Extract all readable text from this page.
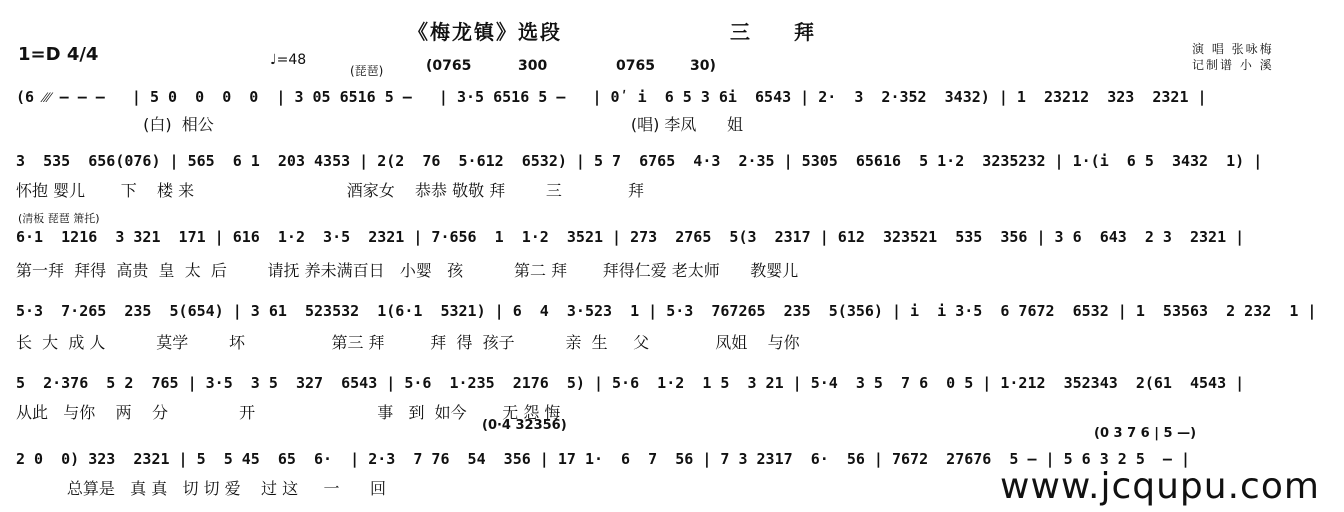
《梅龙镇》选段	三拜
1=D 4/4	♩=48
演 唱 张咏梅
记制谱 小 溪
(琵琶)	(0765	300	0765	30)
(6 ⁄⁄⁄ — — —   | 5 0  0  0  0  | 3 05 6516 5 —   | 3·5 6516 5 —   | 0ʹ i  6 5 3 6i  6543 | 2·  3  2·352  3432) | 1  23212  323  2321 |
(白)  相公                                                                                  (唱) 李凤      姐
3  535  656(076) | 565  6 1  203 4353 | 2(2  76  5·612  6532) | 5 7  6765  4·3  2·35 | 5305  65616  5 1·2  3235232 | 1·(i  6 5  3432  1) |
怀抱 婴儿       下    楼 来                              酒家女    恭恭 敬敬 拜        三             拜
(清板 琵琶 箫托)
6·1  1216  3 321  171 | 616  1·2  3·5  2321 | 7·656  1  1·2  3521 | 273  2765  5(3  2317 | 612  323521  535  356 | 3 6  643  2 3  2321 |
第一拜  拜得  高贵  皇  太  后        请抚 养未满百日   小婴   孩          第二 拜       拜得仁爱 老太师      教婴儿
5·3  7·265  235  5(654) | 3 61  523532  1(6·1  5321) | 6  4  3·523  1 | 5·3  767265  235  5(356) | i  i 3·5  6 7672  6532 | 1  53563  2 232  1 |
长  大  成 人          莫学        坏                 第三 拜         拜  得  孩子          亲  生     父             凤姐    与你
5  2·376  5 2  765 | 3·5  3 5  327  6543 | 5·6  1·235  2176  5) | 5·6  1·2  1 5  3 21 | 5·4  3 5  7 6  0 5 | 1·212  352343  2(61  4543 |
从此   与你    两    分              开                        事   到  如今       无 怨 悔
(0·4 32356)
(0 3 7 6 | 5 —)
2 0  0) 323  2321 | 5  5 45  65  6·  | 2·3  7 76  54  356 | 17 1·  6  7  56 | 7 3 2317  6·  56 | 7672  27676  5 — | 5 6 3 2 5  — |
总算是   真 真   切 切 爱    过 这     一      回	www.jcqupu.com
